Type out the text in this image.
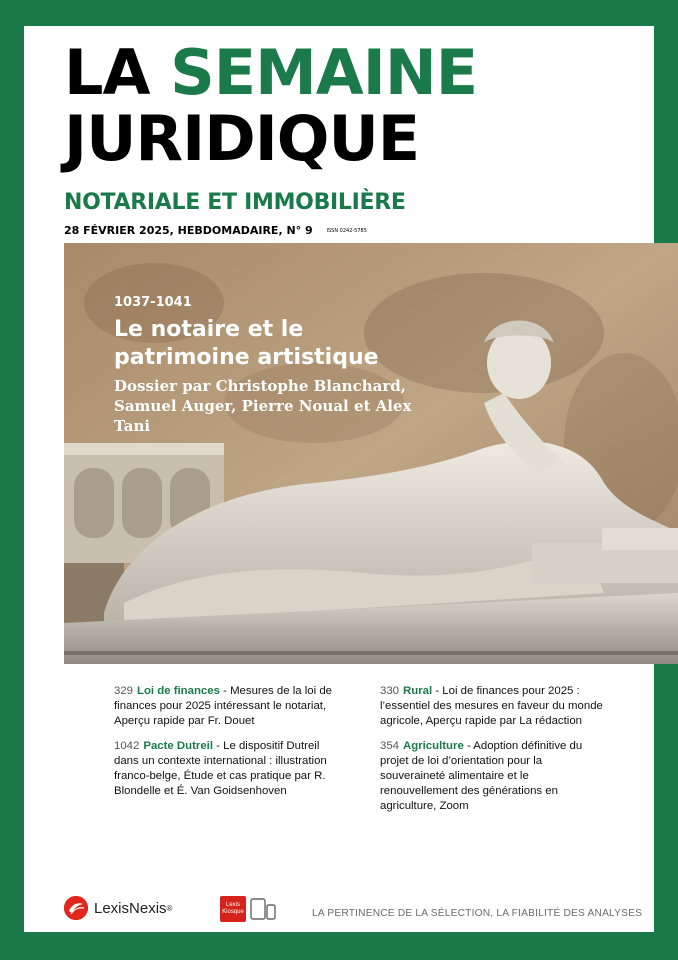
LA SEMAINE
JURIDIQUE
NOTARIALE ET IMMOBILIÈRE
28 FÉVRIER 2025, HEBDOMADAIRE, N° 9	ISSN 0242-5785
1037-1041
Le notaire et le patrimoine artistique
Dossier par Christophe Blanchard, Samuel Auger, Pierre Noual et Alex Tani
329 Loi de finances - Mesures de la loi de finances pour 2025 intéressant le notariat, Aperçu rapide par Fr. Douet
1042 Pacte Dutreil - Le dispositif Dutreil dans un contexte international : illustration franco-belge, Étude et cas pratique par R. Blondelle et É. Van Goidsenhoven
330 Rural - Loi de finances pour 2025 : l’essentiel des mesures en faveur du monde agricole, Aperçu rapide par La rédaction
354 Agriculture - Adoption définitive du projet de loi d’orientation pour la souveraineté alimentaire et le renouvellement des générations en agriculture, Zoom
LexisNexis ®	Lexis
Kiosque	LA PERTINENCE DE LA SÉLECTION, LA FIABILITÉ DES ANALYSES
